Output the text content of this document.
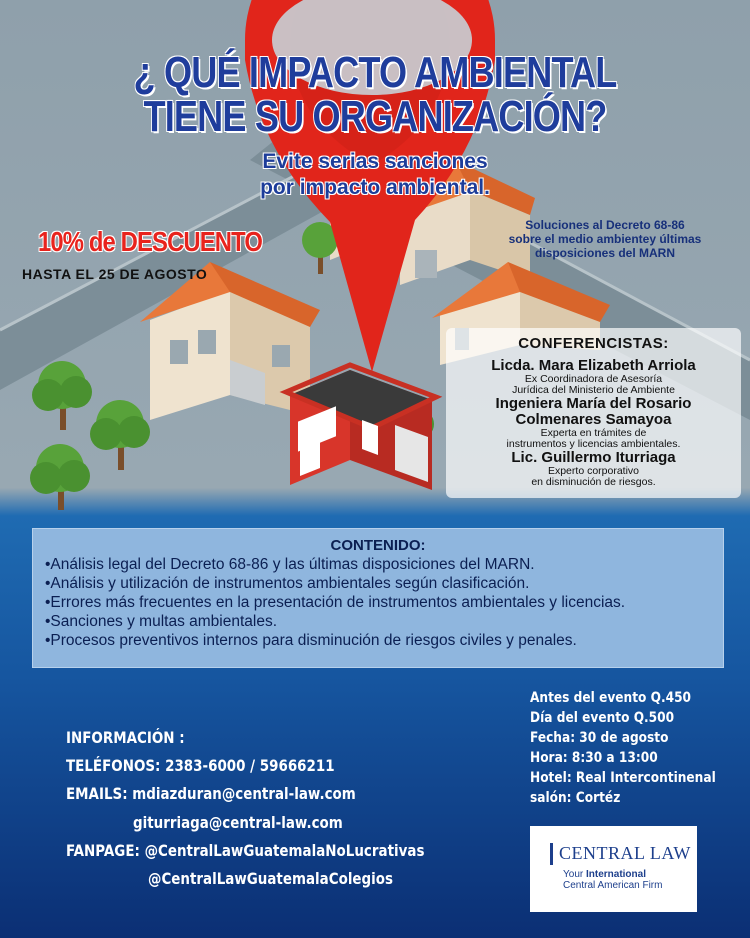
¿ QUÉ IMPACTO AMBIENTAL
TIENE SU ORGANIZACIÓN?
Evite serias sanciones
por impacto ambiental.
10% de DESCUENTO
HASTA EL 25 DE AGOSTO
Soluciones al Decreto 68-86
sobre el medio ambientey últimas
disposiciones del MARN
CONFERENCISTAS:
Licda. Mara Elizabeth Arriola
Ex Coordinadora de Asesoría
Jurídica del Ministerio de Ambiente
Ingeniera María del Rosario
Colmenares Samayoa
Experta en trámites de
instrumentos y licencias ambientales.
Lic. Guillermo Iturriaga
Experto corporativo
en disminución de riesgos.
CONTENIDO:
•Análisis legal del Decreto 68-86 y las últimas disposiciones del MARN.
•Análisis y utilización de instrumentos ambientales según clasificación.
•Errores más frecuentes en la presentación de instrumentos ambientales y licencias.
•Sanciones y multas ambientales.
•Procesos preventivos internos para disminución de riesgos civiles y penales.
INFORMACIÓN :
TELÉFONOS: 2383-6000 / 59666211
EMAILS: mdiazduran@central-law.com
giturriaga@central-law.com
FANPAGE: @CentralLawGuatemalaNoLucrativas
@CentralLawGuatemalaColegios
Antes del evento Q.450
Día del evento Q.500
Fecha: 30 de agosto
Hora: 8:30 a 13:00
Hotel: Real Intercontinenal
salón: Cortéz
CENTRAL LAW
Your International
Central American Firm
